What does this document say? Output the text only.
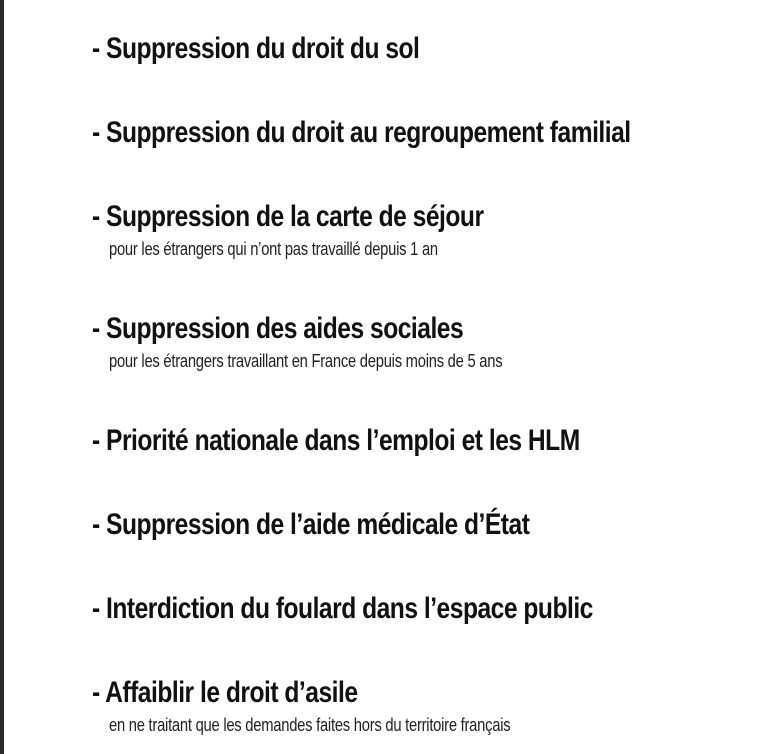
- Suppression du droit du sol
- Suppression du droit au regroupement familial
- Suppression de la carte de séjour
pour les étrangers qui n’ont pas travaillé depuis 1 an
- Suppression des aides sociales
pour les étrangers travaillant en France depuis moins de 5 ans
- Priorité nationale dans l’emploi et les HLM
- Suppression de l’aide médicale d’État
- Interdiction du foulard dans l’espace public
- Affaiblir le droit d’asile
en ne traitant que les demandes faites hors du territoire français
